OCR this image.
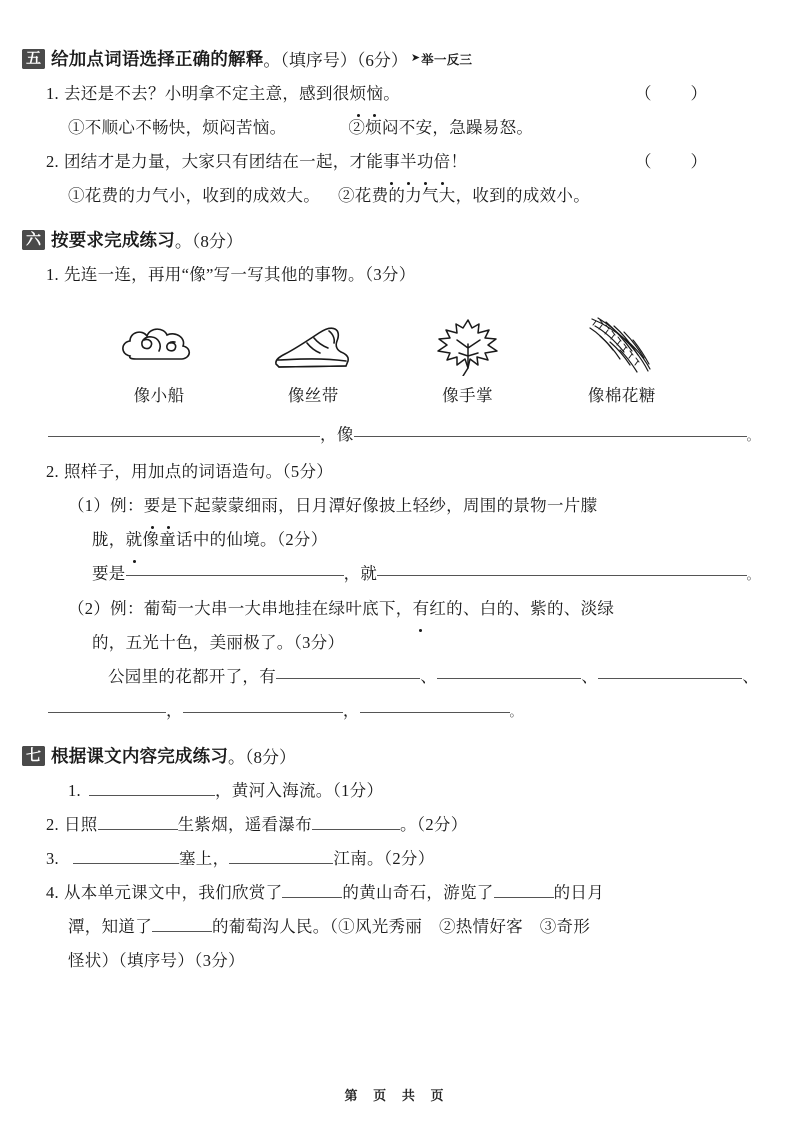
五 给加点词语选择正确的解释 。（填序号）（6分） ➤ 举一反三
1. 去还是不去？小明拿不定主意，感到很 烦恼 。	（　　 ）
①不顺心不畅快，烦闷苦恼。	②烦闷不安，急躁易怒。
2. 团结才是力量，大家只有团结在一起，才能 事半功倍 ！	（　　 ）
①花费的力气小，收到的成效大。 ②花费的力气大，收到的成效小。
六 按要求完成练习 。（8分）
1. 先连一连，再用“像”写一写其他的事物。（3分）
像小船	像丝带	像手掌	像棉花糖
， 像	。
2. 照样子，用加点的词语造句。（5分）
（1）例： 要是 下起蒙蒙细雨，日月潭好像披上轻纱，周围的景物一片朦
胧， 就 像童话中的仙境。（2分）
要是	，就	。
（2）例： 葡萄一大串一大串地挂在绿叶底下， 有 红的、白的、紫的、淡绿
的，五光十色，美丽极了。（3分）
公园里的花都开了，有	、	、	、
，	，	。
七 根据课文内容完成练习 。（8分）
1.	，黄河入海流。（1分）
2. 日照	生紫烟，遥看瀑布	。（2分）
3.	塞上，	江南。（2分）
4. 从本单元课文中，我们欣赏了	的黄山奇石，游览了	的日月
潭，知道了	的葡萄沟人民。（①风光秀丽　②热情好客　③奇形
怪状）（填序号）（3分）
第 页 共 页
